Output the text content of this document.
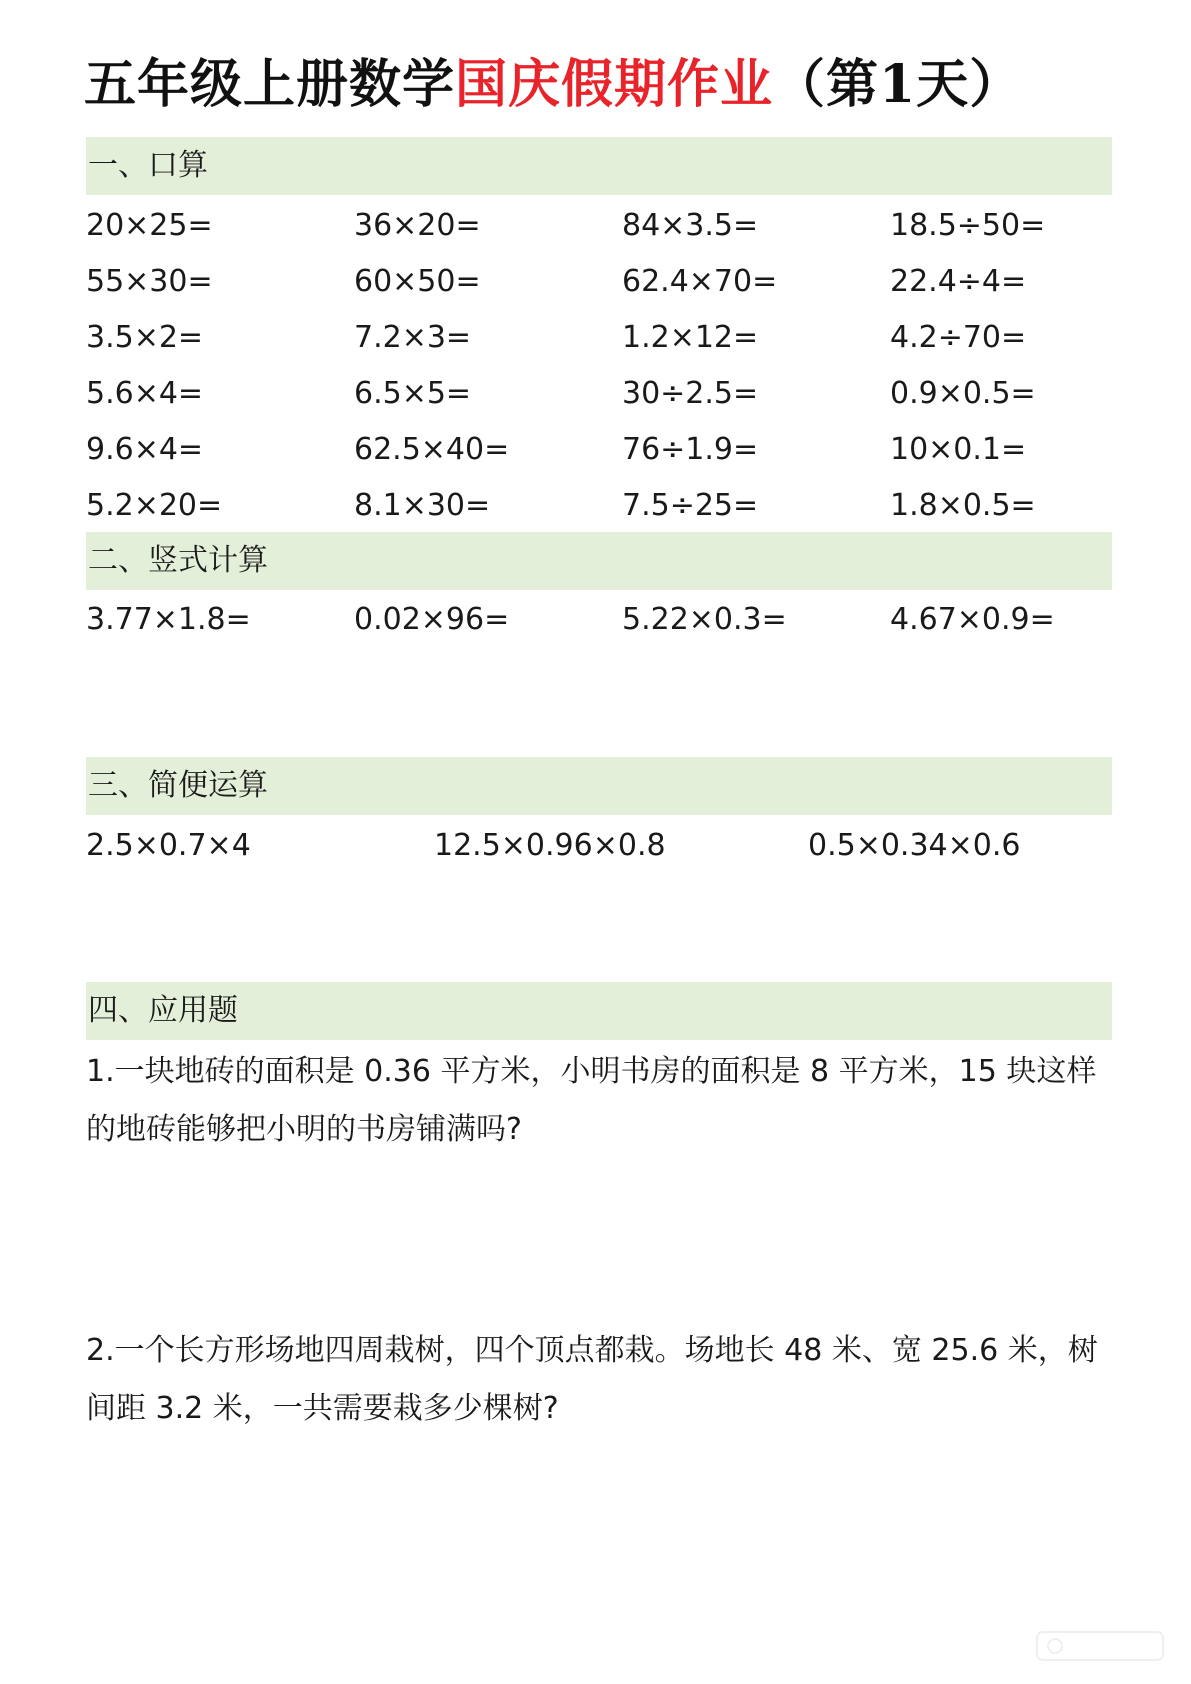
五年级上册数学国庆假期作业（第1天）
一、口算
20×25=	36×20=	84×3.5=	18.5÷50=
55×30=	60×50=	62.4×70=	22.4÷4=
3.5×2=	7.2×3=	1.2×12=	4.2÷70=
5.6×4=	6.5×5=	30÷2.5=	0.9×0.5=
9.6×4=	62.5×40=	76÷1.9=	10×0.1=
5.2×20=	8.1×30=	7.5÷25=	1.8×0.5=
二、竖式计算
3.77×1.8=	0.02×96=	5.22×0.3=	4.67×0.9=
三、简便运算
2.5×0.7×4	12.5×0.96×0.8	0.5×0.34×0.6
四、应用题
1.一块地砖的面积是 0.36 平方米，小明书房的面积是 8 平方米，15 块这样的地砖能够把小明的书房铺满吗?
2.一个长方形场地四周栽树，四个顶点都栽。场地长 48 米、宽 25.6 米，树间距 3.2 米，一共需要栽多少棵树?
